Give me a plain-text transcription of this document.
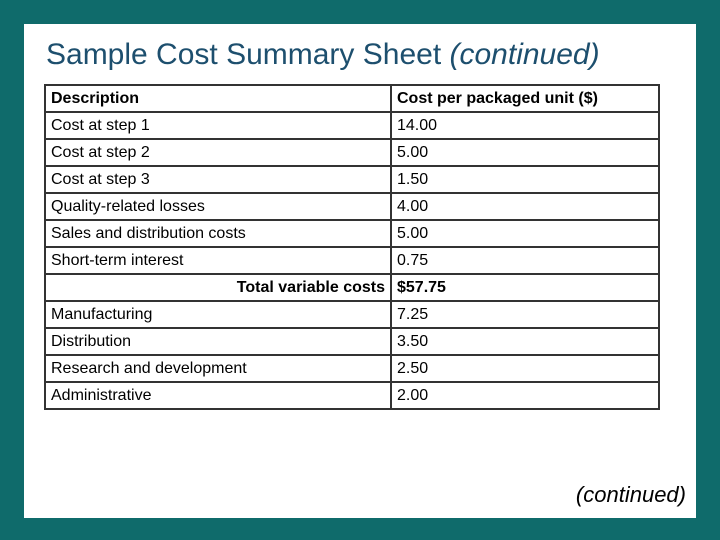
Sample Cost Summary Sheet (continued)
Description	Cost per packaged unit ($)
Cost at step 1	14.00
Cost at step 2	5.00
Cost at step 3	1.50
Quality-related losses	4.00
Sales and distribution costs	5.00
Short-term interest	0.75
Total variable costs	$57.75
Manufacturing	7.25
Distribution	3.50
Research and development	2.50
Administrative	2.00
(continued)
